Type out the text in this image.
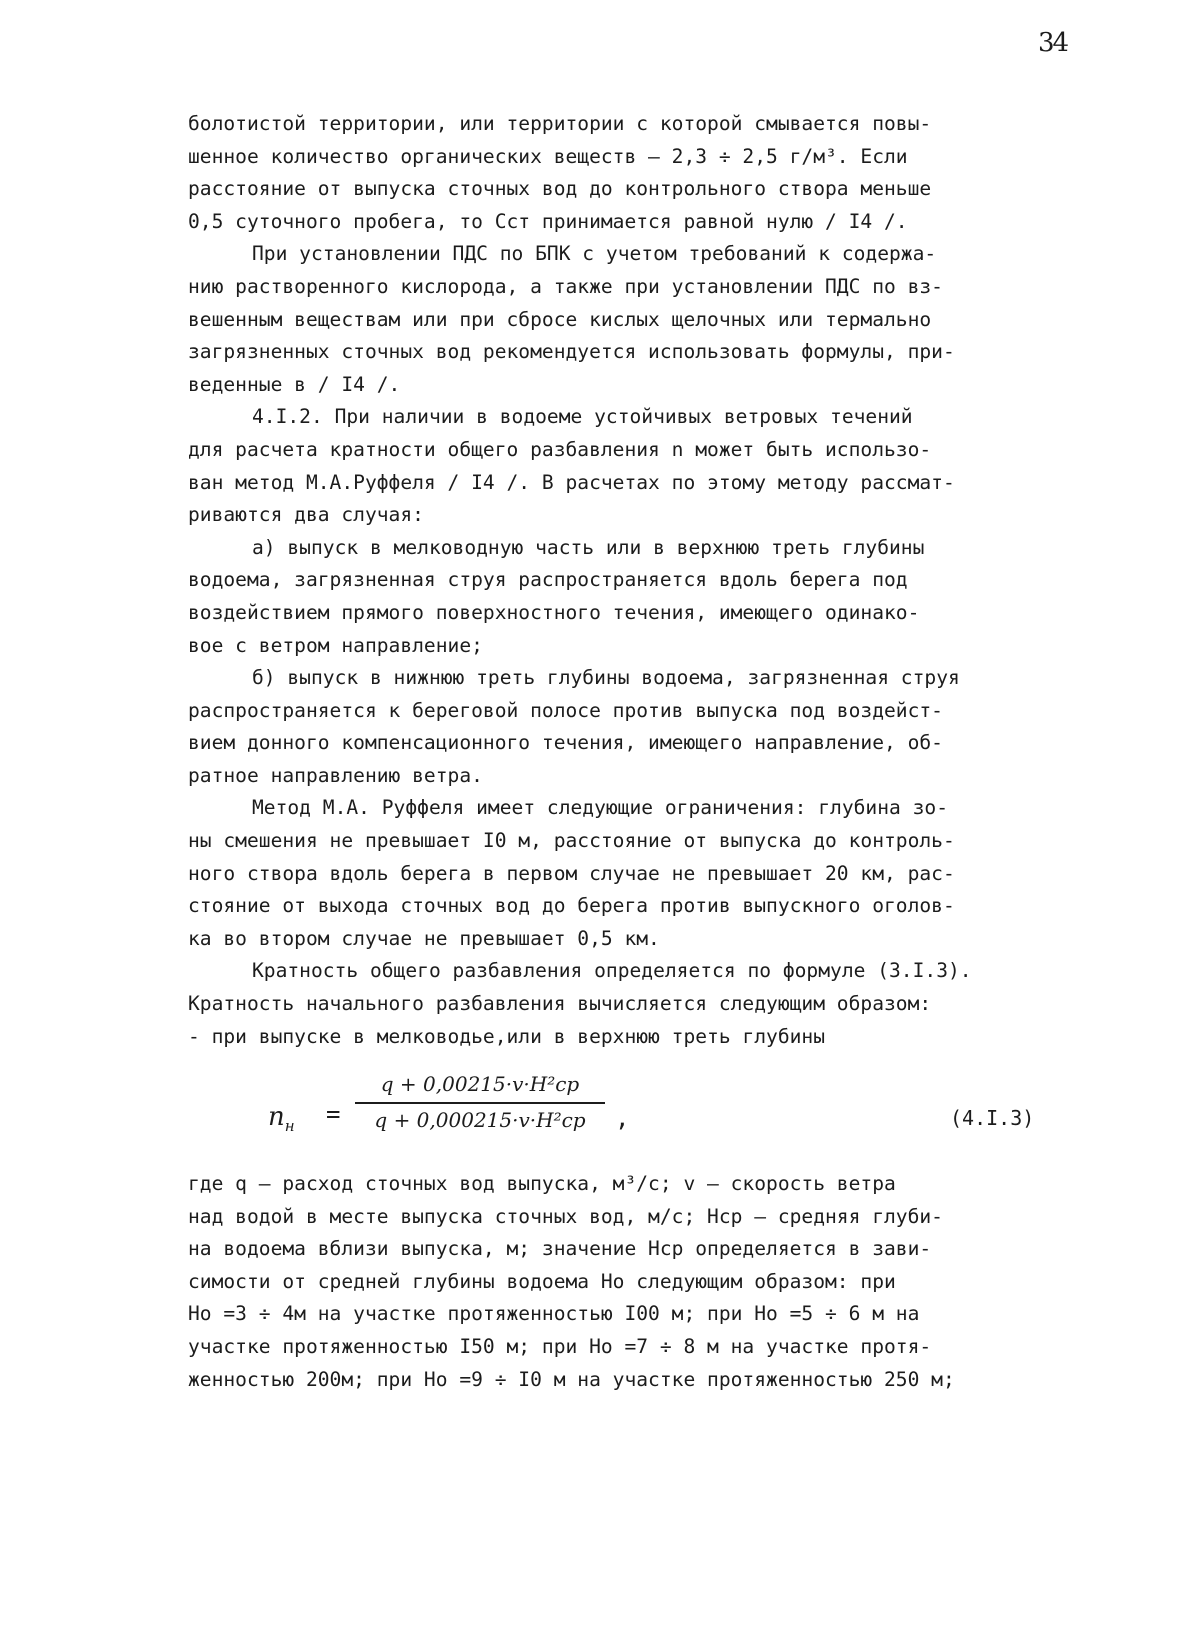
34

болотистой территории, или территории с которой смывается повы-
шенное количество органических веществ – 2,3 ÷ 2,5 г/м³. Если
расстояние от выпуска сточных вод до контрольного створа меньше
0,5 суточного пробега, то Сст принимается равной нулю / I4 /.

При установлении ПДС по БПК с учетом требований к содержа-
нию растворенного кислорода, а также при установлении ПДС по вз-
вешенным веществам или при сбросе кислых щелочных или термально
загрязненных сточных вод рекомендуется использовать формулы, при-
веденные в / I4 /.

4.I.2. При наличии в водоеме устойчивых ветровых течений
для расчета кратности общего разбавления n может быть использо-
ван метод М.А.Руффеля / I4 /. В расчетах по этому методу рассмат-
риваются два случая:

а) выпуск в мелководную часть или в верхнюю треть глубины
водоема, загрязненная струя распространяется вдоль берега под
воздействием прямого поверхностного течения, имеющего одинако-
вое с ветром направление;

б) выпуск в нижнюю треть глубины водоема, загрязненная струя
распространяется к береговой полосе против выпуска под воздейст-
вием донного компенсационного течения, имеющего направление, об-
ратное направлению ветра.

Метод М.А. Руффеля имеет следующие ограничения: глубина зо-
ны смешения не превышает I0 м, расстояние от выпуска до контроль-
ного створа вдоль берега в первом случае не превышает 20 км, рас-
стояние от выхода сточных вод до берега против выпускного оголов-
ка во втором случае не превышает 0,5 км.

Кратность общего разбавления определяется по формуле (3.I.3).
Кратность начального разбавления вычисляется следующим образом:
- при выпуске в мелководье,или в верхнюю треть глубины

$n_н$ =
q + 0,00215·v·H²ср
q + 0,000215·v·H²ср	,	(4.I.3)

где q – расход сточных вод выпуска, м³/с; v – скорость ветра
над водой в месте выпуска сточных вод, м/с; Нср – средняя глуби-
на водоема вблизи выпуска, м; значение Нср определяется в зави-
симости от средней глубины водоема Но следующим образом: при
Но =3 ÷ 4м на участке протяженностью I00 м; при Но =5 ÷ 6 м на
участке протяженностью I50 м; при Но =7 ÷ 8 м на участке протя-
женностью 200м; при Но =9 ÷ I0 м на участке протяженностью 250 м;
